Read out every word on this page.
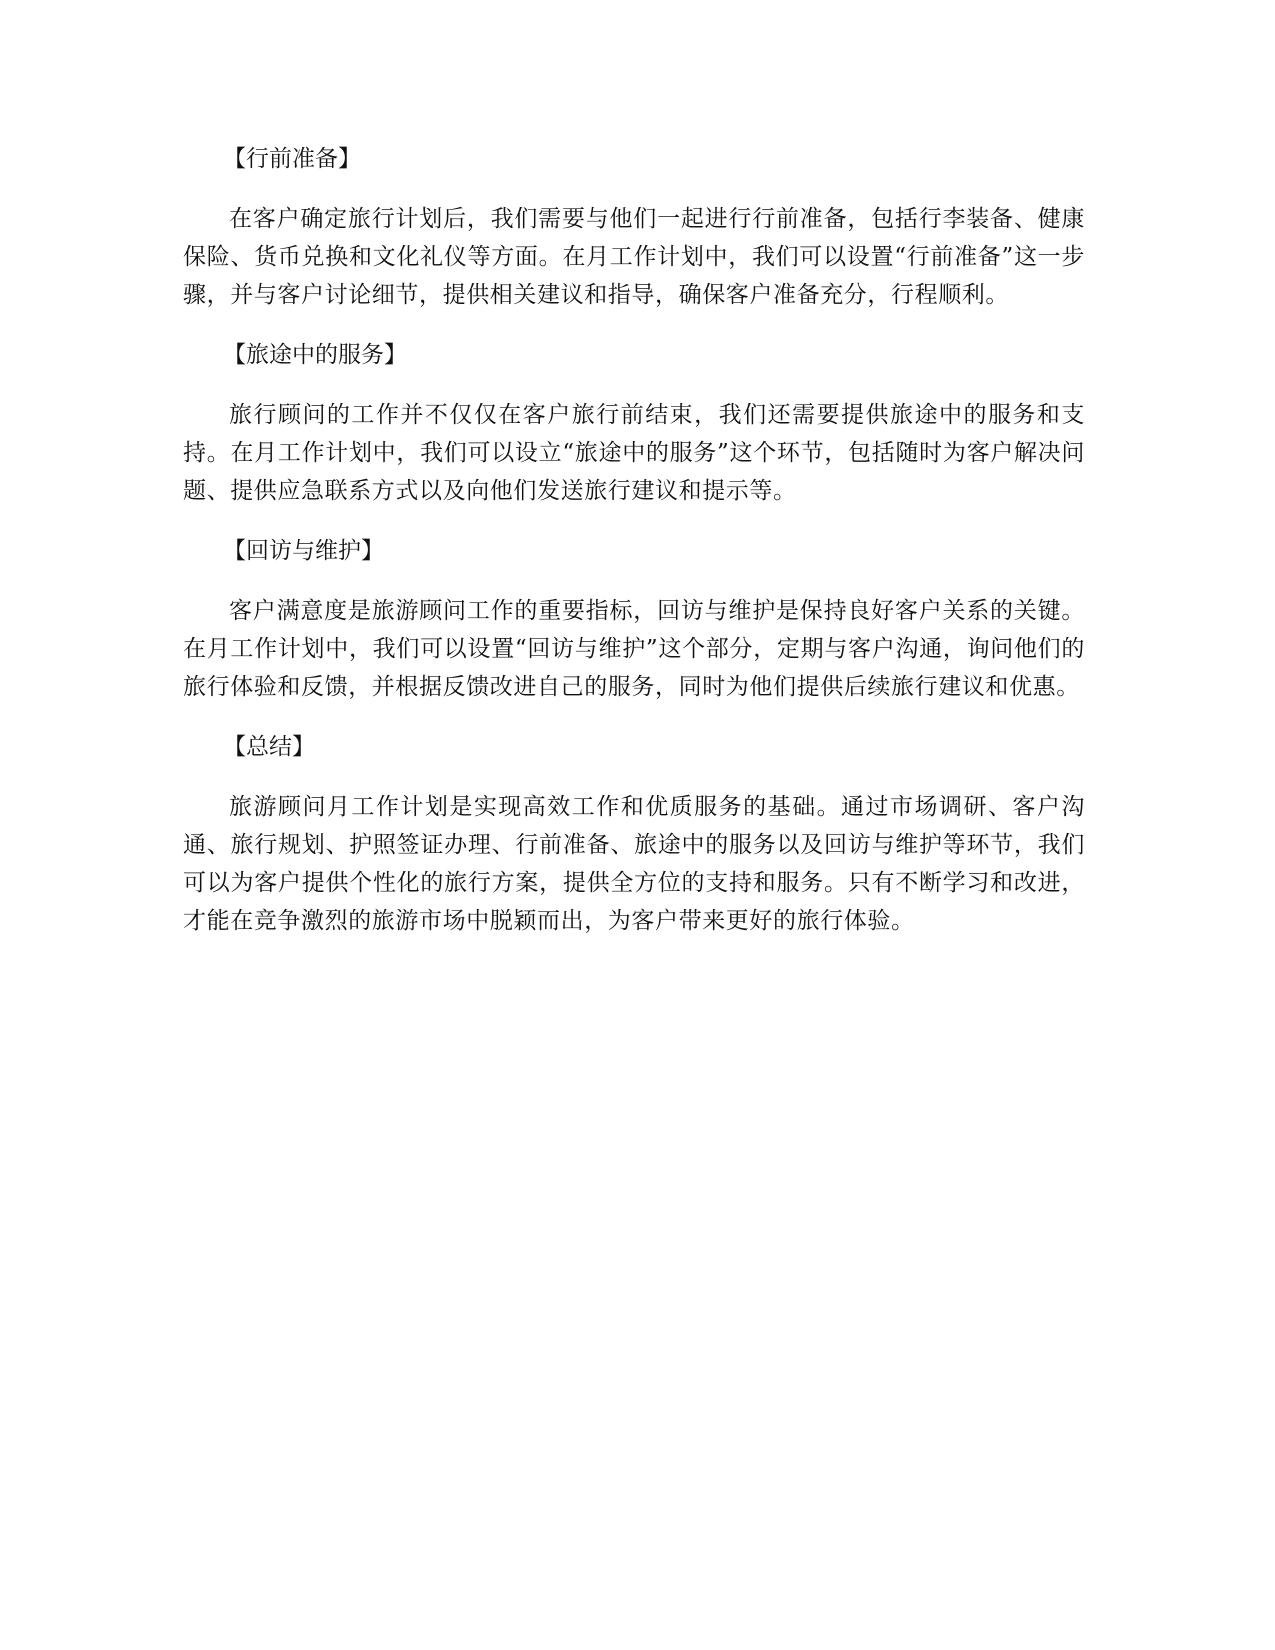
【行前准备】

在客户确定旅行计划后，我们需要与他们一起进行行前准备，包括行李装备、健康保险、货币兑换和文化礼仪等方面。在月工作计划中，我们可以设置“行前准备”这一步骤，并与客户讨论细节，提供相关建议和指导，确保客户准备充分，行程顺利。

【旅途中的服务】

旅行顾问的工作并不仅仅在客户旅行前结束，我们还需要提供旅途中的服务和支持。在月工作计划中，我们可以设立“旅途中的服务”这个环节，包括随时为客户解决问题、提供应急联系方式以及向他们发送旅行建议和提示等。

【回访与维护】

客户满意度是旅游顾问工作的重要指标，回访与维护是保持良好客户关系的关键。在月工作计划中，我们可以设置“回访与维护”这个部分，定期与客户沟通，询问他们的旅行体验和反馈，并根据反馈改进自己的服务，同时为他们提供后续旅行建议和优惠。

【总结】

旅游顾问月工作计划是实现高效工作和优质服务的基础。通过市场调研、客户沟通、旅行规划、护照签证办理、行前准备、旅途中的服务以及回访与维护等环节，我们可以为客户提供个性化的旅行方案，提供全方位的支持和服务。只有不断学习和改进，才能在竞争激烈的旅游市场中脱颖而出，为客户带来更好的旅行体验。
